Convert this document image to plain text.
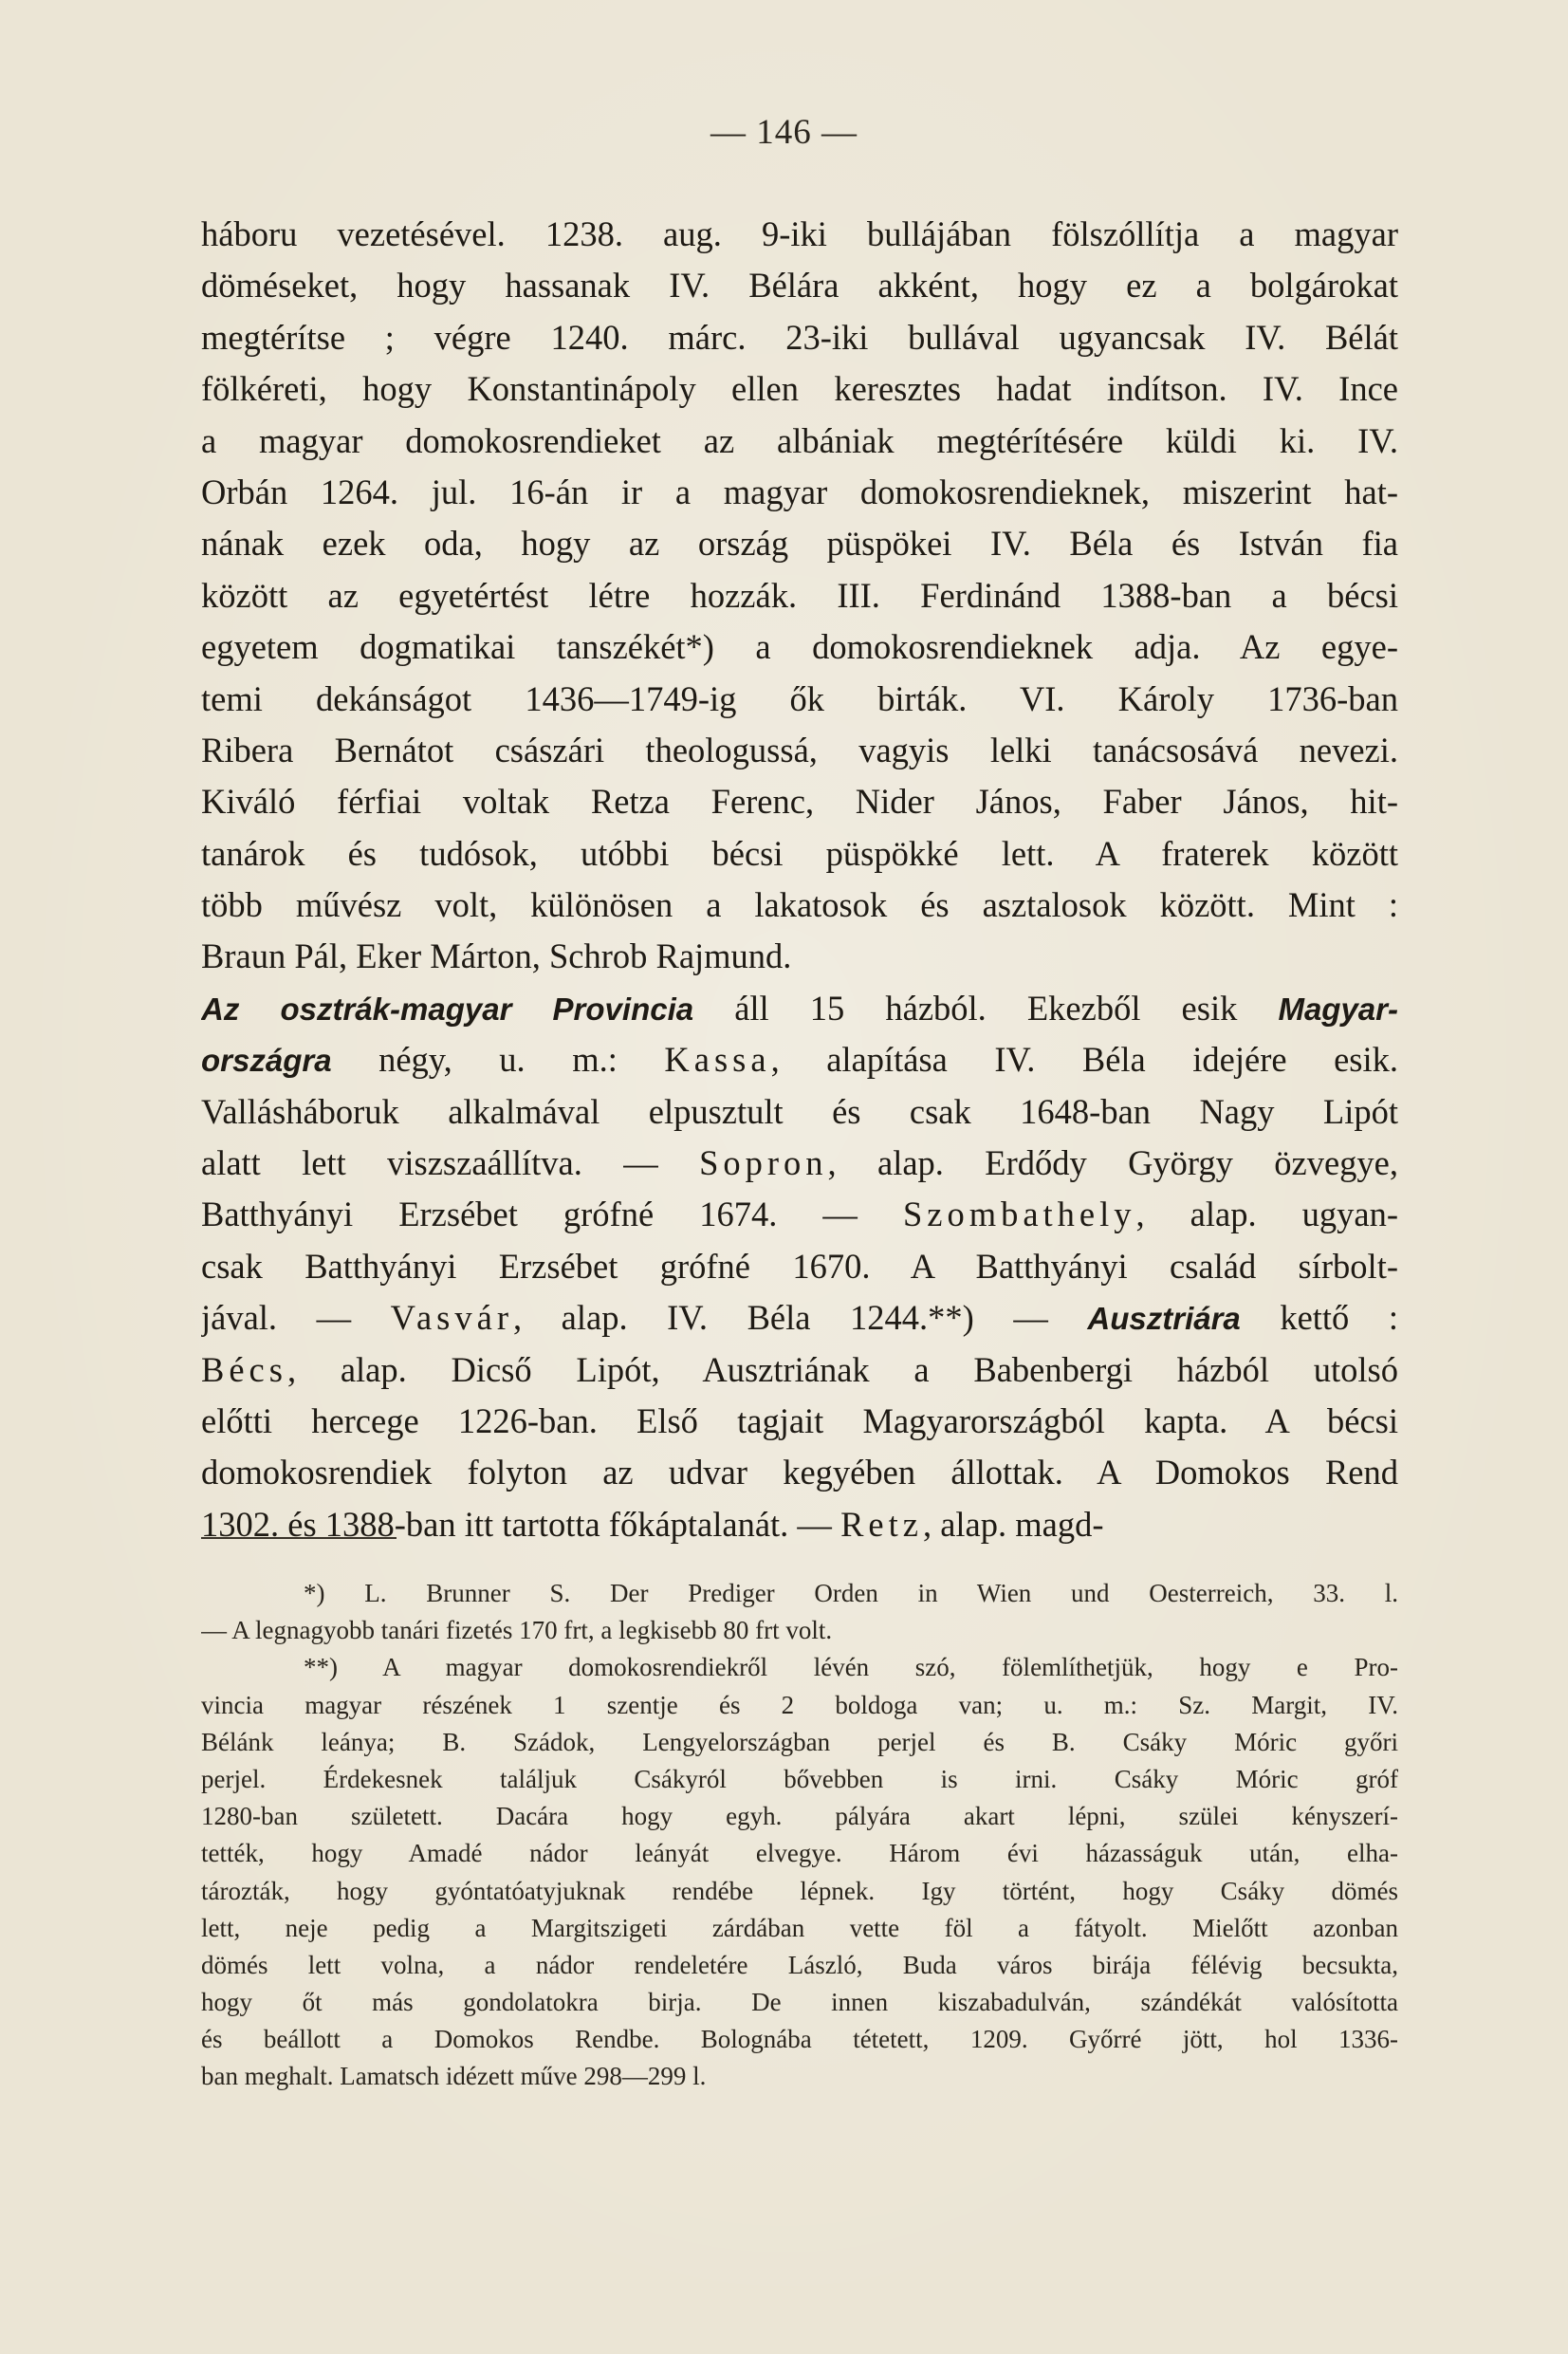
— 146 —
háboru vezetésével. 1238. aug. 9-iki bullájában fölszóllítja a magyar
döméseket, hogy hassanak IV. Bélára akként, hogy ez a bolgárokat
megtérítse ; végre 1240. márc. 23-iki bullával ugyancsak IV. Bélát
fölkéreti, hogy Konstantinápoly ellen keresztes hadat indítson. IV. Ince
a magyar domokosrendieket az albániak megtérítésére küldi ki. IV.
Orbán 1264. jul. 16-án ir a magyar domokosrendieknek, miszerint hat-
nának ezek oda, hogy az ország püspökei IV. Béla és István fia
között az egyetértést létre hozzák. III. Ferdinánd 1388-ban a bécsi
egyetem dogmatikai tanszékét*) a domokosrendieknek adja. Az egye-
temi dekánságot 1436—1749-ig ők birták. VI. Károly 1736-ban
Ribera Bernátot császári theologussá, vagyis lelki tanácsosává nevezi.
Kiváló férfiai voltak Retza Ferenc, Nider János, Faber János, hit-
tanárok és tudósok, utóbbi bécsi püspökké lett. A fraterek között
több művész volt, különösen a lakatosok és asztalosok között. Mint :
Braun Pál, Eker Márton, Schrob Rajmund.
Az osztrák-magyar Provincia áll 15 házból. Ekezből esik Magyar-
országra négy, u. m.: Kassa, alapítása IV. Béla idejére esik.
Vallásháboruk alkalmával elpusztult és csak 1648-ban Nagy Lipót
alatt lett viszszaállítva. — Sopron, alap. Erdődy György özvegye,
Batthyányi Erzsébet grófné 1674. — Szombathely, alap. ugyan-
csak Batthyányi Erzsébet grófné 1670. A Batthyányi család sírbolt-
jával. — Vasvár, alap. IV. Béla 1244.**) — Ausztriára kettő :
Bécs, alap. Dicső Lipót, Ausztriának a Babenbergi házból utolsó
előtti hercege 1226-ban. Első tagjait Magyarországból kapta. A bécsi
domokosrendiek folyton az udvar kegyében állottak. A Domokos Rend
1302. és 1388-ban itt tartotta főkáptalanát. — Retz, alap. magd-
*) L. Brunner S. Der Prediger Orden in Wien und Oesterreich, 33. l.
— A legnagyobb tanári fizetés 170 frt, a legkisebb 80 frt volt.
**) A magyar domokosrendiekről lévén szó, fölemlíthetjük, hogy e Pro-
vincia magyar részének 1 szentje és 2 boldoga van; u. m.: Sz. Margit, IV.
Bélánk leánya; B. Szádok, Lengyelországban perjel és B. Csáky Móric győri
perjel. Érdekesnek találjuk Csákyról bővebben is irni. Csáky Móric gróf
1280-ban született. Dacára hogy egyh. pályára akart lépni, szülei kényszerí-
tették, hogy Amadé nádor leányát elvegye. Három évi házasságuk után, elha-
tározták, hogy gyóntatóatyjuknak rendébe lépnek. Igy történt, hogy Csáky dömés
lett, neje pedig a Margitszigeti zárdában vette föl a fátyolt. Mielőtt azonban
dömés lett volna, a nádor rendeletére László, Buda város birája félévig becsukta,
hogy őt más gondolatokra birja. De innen kiszabadulván, szándékát valósította
és beállott a Domokos Rendbe. Bolognába tétetett, 1209. Győrré jött, hol 1336-
ban meghalt. Lamatsch idézett műve 298—299 l.
